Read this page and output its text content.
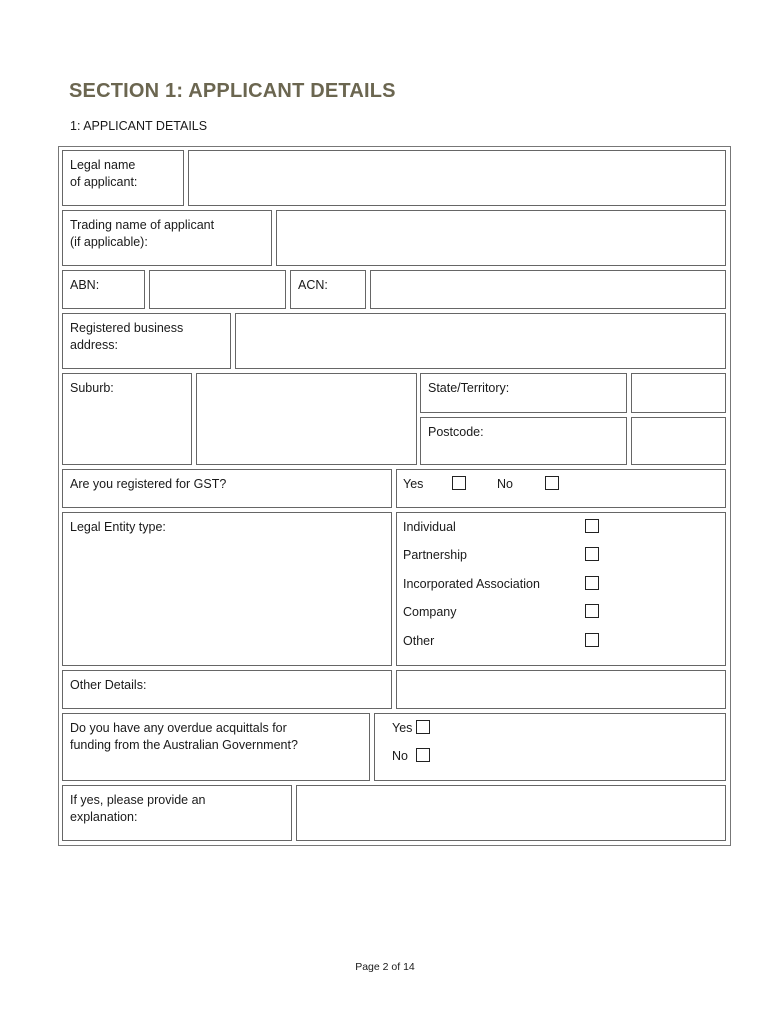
SECTION 1: APPLICANT DETAILS
1: APPLICANT DETAILS
Legal name
of applicant:
Trading name of applicant
(if applicable):
ABN:	ACN:
Registered business
address:
Suburb:	State/Territory:
Postcode:
Are you registered for GST?	Yes	No
Legal Entity type:	Individual
Partnership
Incorporated Association
Company
Other
Other Details:
Do you have any overdue acquittals for
funding from the Australian Government?
Yes
No
If yes, please provide an
explanation:
Page 2 of 14
